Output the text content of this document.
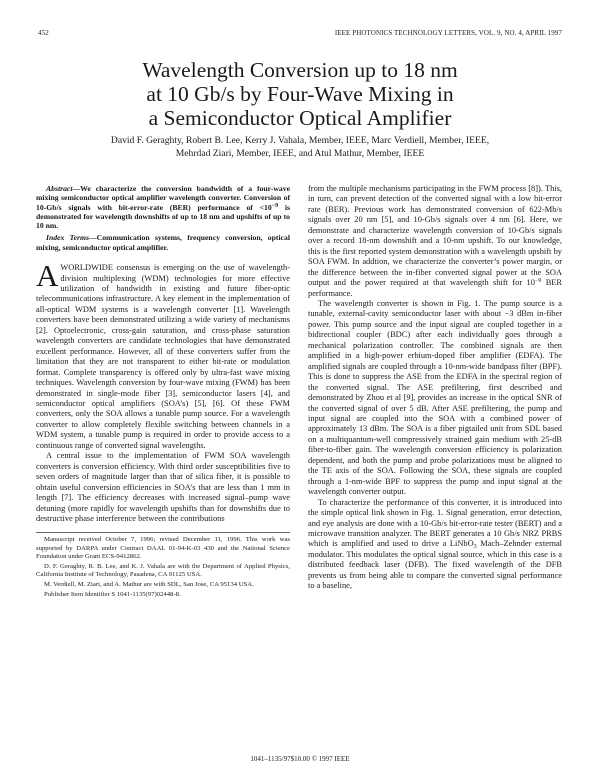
452	IEEE PHOTONICS TECHNOLOGY LETTERS, VOL. 9, NO. 4, APRIL 1997
Wavelength Conversion up to 18 nm
at 10 Gb/s by Four-Wave Mixing in
a Semiconductor Optical Amplifier
David F. Geraghty, Robert B. Lee, Kerry J. Vahala, Member, IEEE, Marc Verdiell, Member, IEEE,
Mehrdad Ziari, Member, IEEE, and Atul Mathur, Member, IEEE

Abstract—We characterize the conversion bandwidth of a four-wave mixing semiconductor optical amplifier wavelength converter. Conversion of 10-Gb/s signals with bit-error-rate (BER) performance of $<10^{-9}$ is demonstrated for wavelength downshifts of up to 18 nm and upshifts of up to 10 nm.

Index Terms—Communication systems, frequency conversion, optical mixing, semiconductor optical amplifier.

AWORLDWIDE consensus is emerging on the use of wavelength-division multiplexing (WDM) technologies for more effective utilization of bandwidth in existing and future fiber-optic telecommunications infrastructure. A key element in the implementation of all-optical WDM systems is a wavelength converter [1]. Wavelength converters have been demonstrated utilizing a wide variety of mechanisms [2]. Optoelectronic, cross-gain saturation, and cross-phase saturation wavelength converters are candidate technologies that have demonstrated excellent performance. However, all of these converters suffer from the limitation that they are not transparent to either bit-rate or modulation format. Complete transparency is offered only by ultra-fast wave mixing techniques. Wavelength conversion by four-wave mixing (FWM) has been demonstrated in single-mode fiber [3], semiconductor lasers [4], and semiconductor optical amplifiers (SOA’s) [5], [6]. Of these FWM converters, only the SOA allows a tunable pump source. For a wavelength converter to allow completely flexible switching between channels in a WDM system, a tunable pump is required in order to provide access to a continuous range of converted signal wavelengths.

A central issue to the implementation of FWM SOA wavelength converters is conversion efficiency. With third order susceptibilities five to seven orders of magnitude larger than that of silica fiber, it is possible to obtain useful conversion efficiencies in SOA’s that are less than 1 mm in length [7]. The efficiency decreases with increased signal–pump wave detuning (more rapidly for wavelength upshifts than for downshifts due to destructive phase interference between the contributions

Manuscript received October 7, 1996; revised December 11, 1996. This work was supported by DARPA under Contract DAAL 01-94-K-03 430 and the National Science Foundation under Grant ECS-9412862.

D. F. Geraghty, R. B. Lee, and K. J. Vahala are with the Department of Applied Physics, California Institute of Technology, Pasadena, CA 91125 USA.

M. Verdiell, M. Ziari, and A. Mathur are with SDL, San Jose, CA 95134 USA.

Publisher Item Identifier S 1041-1135(97)02448-8.

from the multiple mechanisms participating in the FWM process [8]). This, in turn, can prevent detection of the converted signal with a low bit-error rate (BER). Previous work has demonstrated conversion of 622-Mb/s signals over 20 nm [5], and 10-Gb/s signals over 4 nm [6]. Here, we demonstrate and characterize wavelength conversion of 10-Gb/s signals over a record 18-nm downshift and a 10-nm upshift. To our knowledge, this is the first reported system demonstration with a wavelength upshift by SOA FWM. In addtion, we characterize the converter’s power margin, or the difference between the in-fiber converted signal power at the SOA output and the power required at that wavelength shift for $10^{-9}$ BER performance.

The wavelength converter is shown in Fig. 1. The pump source is a tunable, external-cavity semiconductor laser with about −3 dBm in-fiber power. This pump source and the input signal are coupled together in a bidirectional coupler (BDC) after each individually goes through a mechanical polarization controller. The combined signals are then amplified in a high-power erbium-doped fiber amplifier (EDFA). The amplified signals are coupled through a 10-nm-wide bandpass filter (BPF). This is done to suppress the ASE from the EDFA in the spectral region of the converted signal. The ASE prefiltering, first described and demonstrated by Zhou et al [9], provides an increase in the optical SNR of the converted signal of over 5 dB. After ASE prefiltering, the pump and input signal are coupled into the SOA with a combined power of approximately 13 dBm. The SOA is a fiber pigtailed unit from SDL based on a multiquantum-well compressively strained gain medium with 25-dB fiber-to-fiber gain. The wavelength conversion efficiency is polarization dependent, and both the pump and probe polarizations must be aligned to the TE axis of the SOA. Following the SOA, these signals are coupled through a 1-nm-wide BPF to suppress the pump and input signal at the wavelength converter output.

To characterize the performance of this converter, it is introduced into the simple optical link shown in Fig. 1. Signal generation, error detection, and eye analysis are done with a 10-Gb/s bit-error-rate tester (BERT) and a microwave transition analyzer. The BERT generates a 10 Gb/s NRZ PRBS which is amplified and used to drive a LiNbO$_3$ Mach–Zehnder external modulator. This modulates the optical signal source, which in this case is a distributed feedback laser (DFB). The fixed wavelength of the DFB prevents us from being able to compare the converted signal performance to a baseline,

1041–1135/97$10.00 © 1997 IEEE
